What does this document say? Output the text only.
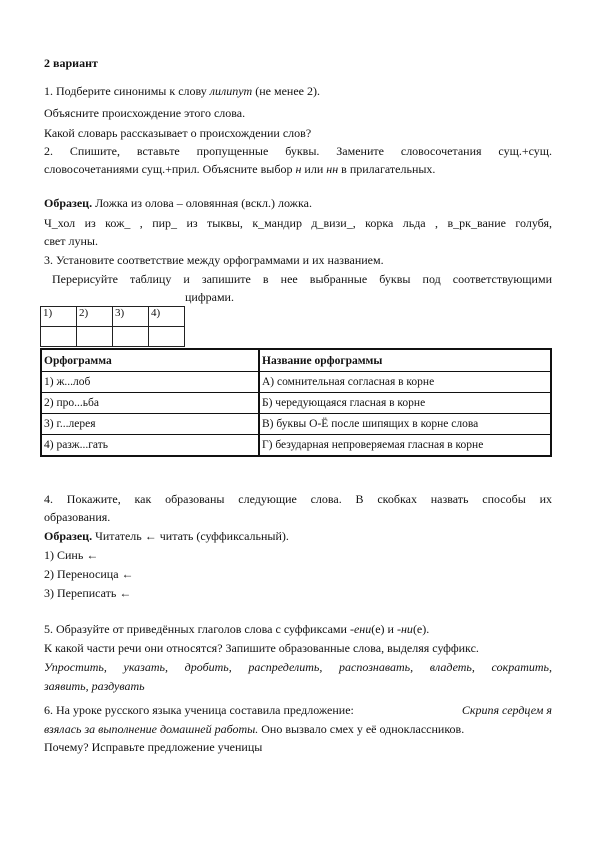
2 вариант
1. Подберите синонимы к слову лилипут (не менее 2).
Объясните происхождение этого слова.
Какой словарь рассказывает о происхождении слов?
2. Спишите, вставьте пропущенные буквы. Замените словосочетания сущ.+сущ.
словосочетаниями сущ.+прил. Объясните выбор н или нн в прилагательных.
Образец. Ложка из олова – оловянная (вскл.) ложка.
Ч_хол из кож_ , пир_ из тыквы, к_мандир д_визи_, корка льда , в_рк_вание голубя,
свет луны.
3. Установите соответствие между орфограммами и их названием.
Перерисуйте таблицу и запишите в нее выбранные буквы под соответствующими
цифрами.
1)	2)	3)	4)

Орфограмма	Название орфограммы
1) ж...лоб	А) сомнительная согласная в корне
2) про...ьба	Б) чередующаяся гласная в корне
3) г...лерея	В) буквы О-Ё после шипящих в корне слова
4) разж...гать	Г) безударная непроверяемая гласная в корне
4. Покажите, как образованы следующие слова. В скобках назвать способы их
образования.
Образец. Читатель ← читать (суффиксальный).
1) Синь ←
2) Переносица ←
3) Переписать ←
5. Образуйте от приведённых глаголов слова с суффиксами -ени(е) и -ни(е).
К какой части речи они относятся? Запишите образованные слова, выделяя суффикс.
Упростить, указать, дробить, распределить, распознавать, владеть, сократить,
заявить, раздувать
6. На уроке русского языка ученица составила предложение:	Скрипя сердцем я
взялась за выполнение домашней работы. Оно вызвало смех у её одноклассников.
Почему? Исправьте предложение ученицы
